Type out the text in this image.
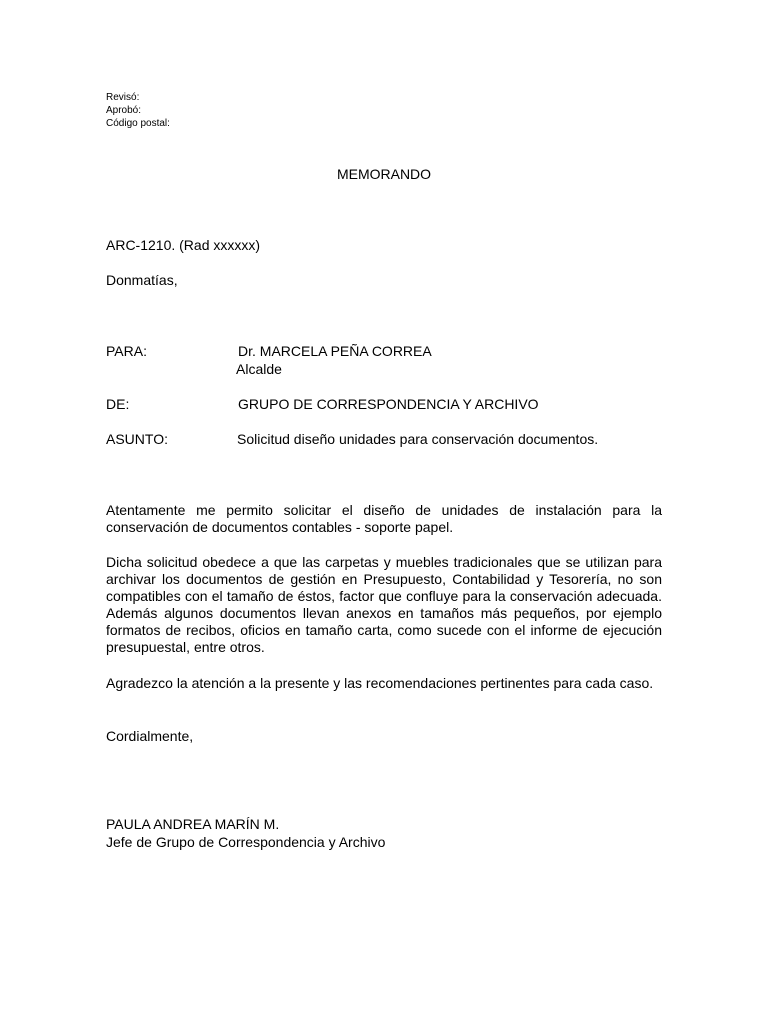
Revisó:
Aprobó:
Código postal:
MEMORANDO
ARC-1210. (Rad xxxxxx)
Donmatías,
PARA:	Dr. MARCELA PEÑA CORREA
Alcalde
DE:	GRUPO DE CORRESPONDENCIA Y ARCHIVO
ASUNTO:	Solicitud diseño unidades para conservación documentos.
Atentamente me permito solicitar el diseño de unidades de instalación para la conservación de documentos contables - soporte papel.
Dicha solicitud obedece a que las carpetas y muebles tradicionales que se utilizan para archivar los documentos de gestión en Presupuesto, Contabilidad y Tesorería, no son compatibles con el tamaño de éstos, factor que confluye para la conservación adecuada. Además algunos documentos llevan anexos en tamaños más pequeños, por ejemplo formatos de recibos, oficios en tamaño carta, como sucede con el informe de ejecución presupuestal, entre otros.
Agradezco la atención a la presente y las recomendaciones pertinentes para cada caso.
Cordialmente,
PAULA ANDREA MARÍN M.
Jefe de Grupo de Correspondencia y Archivo
